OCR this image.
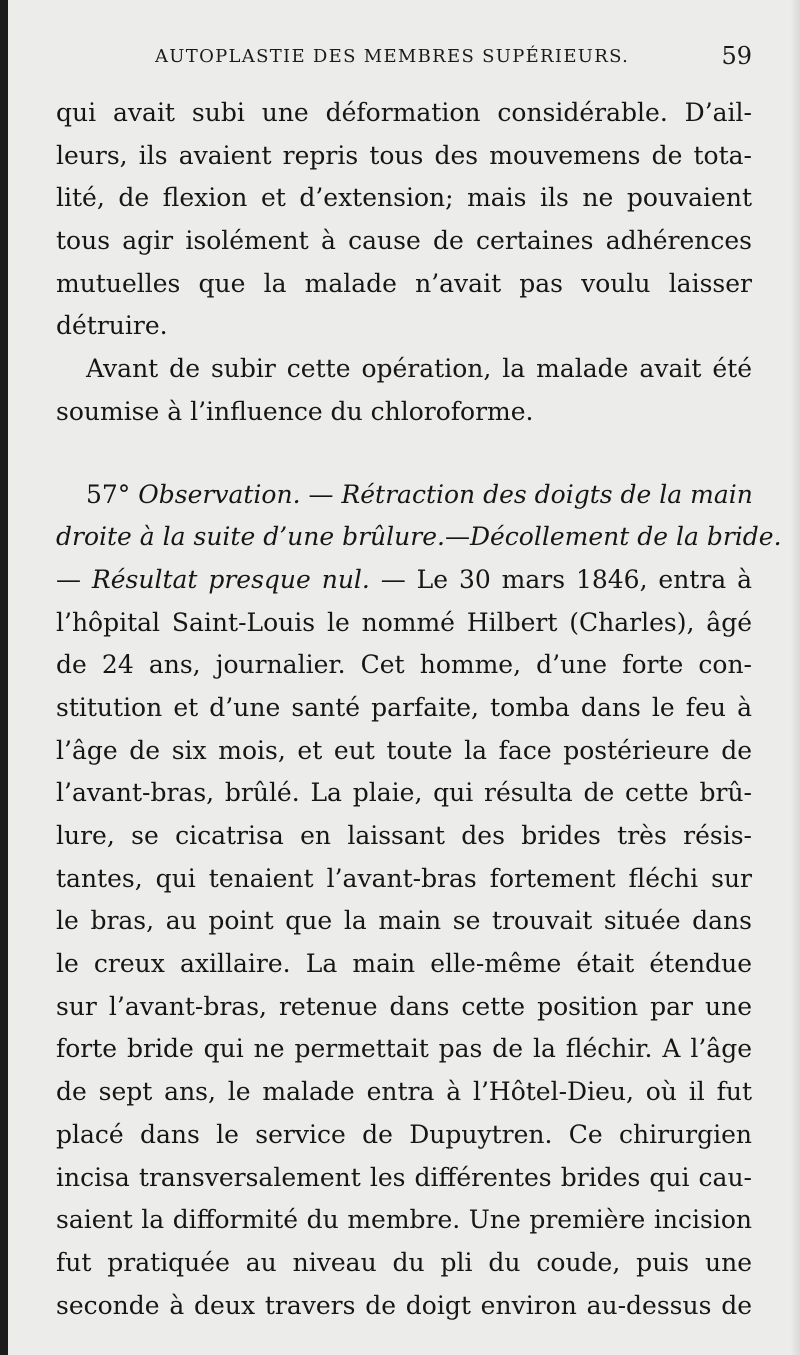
AUTOPLASTIE DES MEMBRES SUPÉRIEURS.	59
qui avait subi une déformation considérable. D’ail-
leurs, ils avaient repris tous des mouvemens de tota-
lité, de flexion et d’extension; mais ils ne pouvaient
tous agir isolément à cause de certaines adhérences
mutuelles que la malade n’avait pas voulu laisser
détruire.
Avant de subir cette opération, la malade avait été
soumise à l’influence du chloroforme.
57° Observation. — Rétraction des doigts de la main
droite à la suite d’une brûlure.—Décollement de la bride.
— Résultat presque nul. — Le 30 mars 1846, entra à
l’hôpital Saint-Louis le nommé Hilbert (Charles), âgé
de 24 ans, journalier. Cet homme, d’une forte con-
stitution et d’une santé parfaite, tomba dans le feu à
l’âge de six mois, et eut toute la face postérieure de
l’avant-bras, brûlé. La plaie, qui résulta de cette brû-
lure, se cicatrisa en laissant des brides très résis-
tantes, qui tenaient l’avant-bras fortement fléchi sur
le bras, au point que la main se trouvait située dans
le creux axillaire. La main elle-même était étendue
sur l’avant-bras, retenue dans cette position par une
forte bride qui ne permettait pas de la fléchir. A l’âge
de sept ans, le malade entra à l’Hôtel-Dieu, où il fut
placé dans le service de Dupuytren. Ce chirurgien
incisa transversalement les différentes brides qui cau-
saient la difformité du membre. Une première incision
fut pratiquée au niveau du pli du coude, puis une
seconde à deux travers de doigt environ au-dessus de
